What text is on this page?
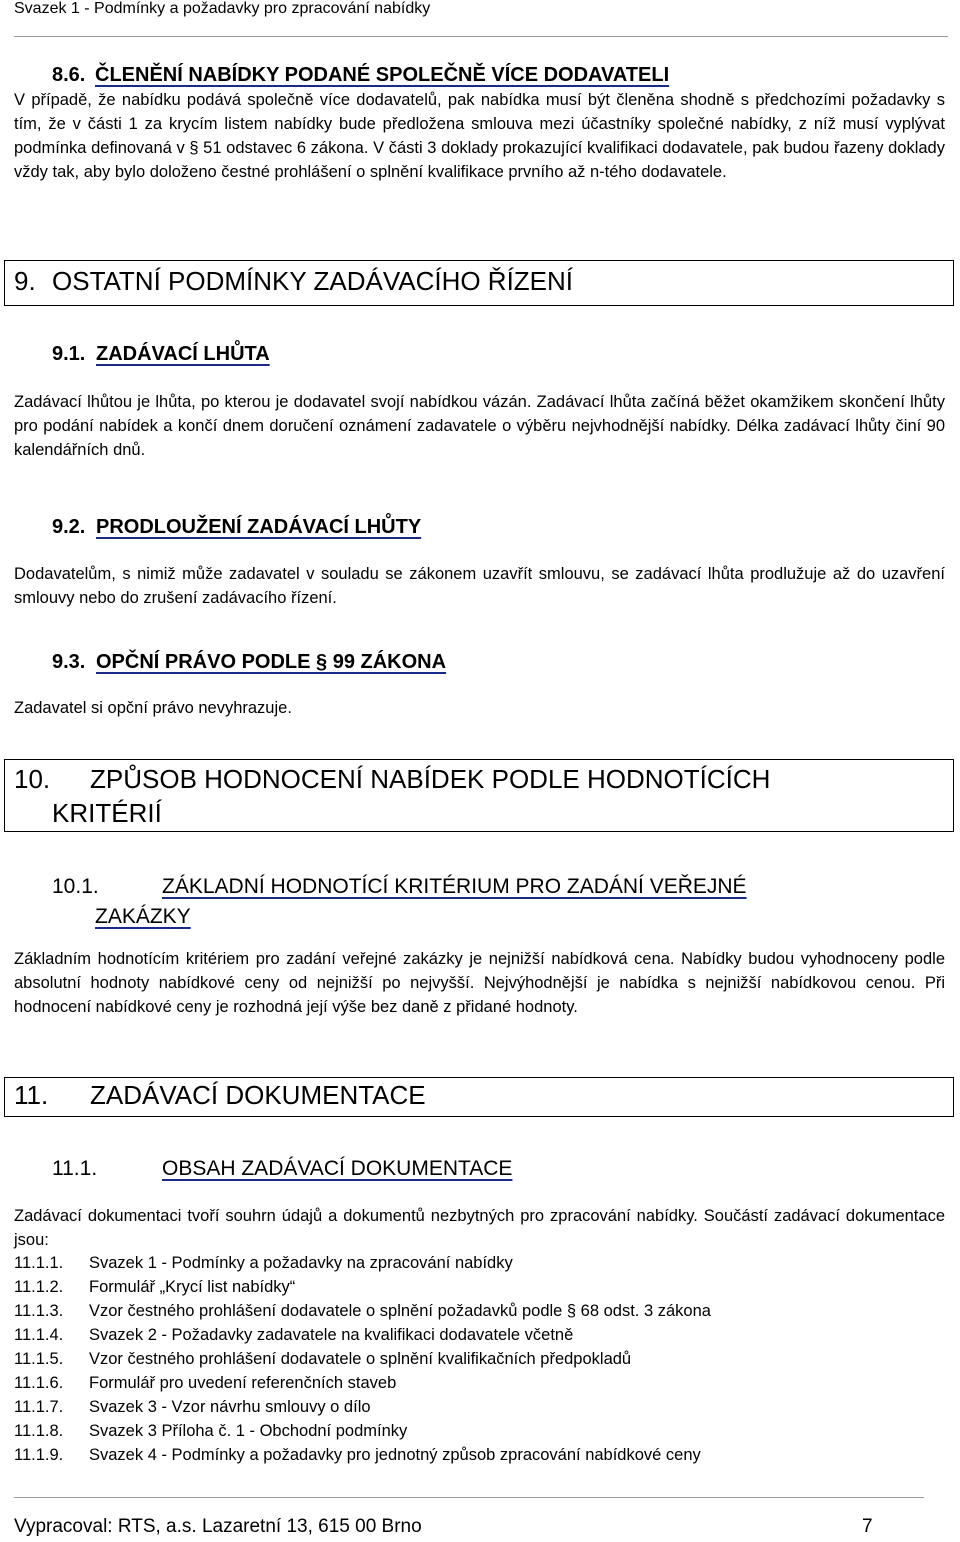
Svazek 1 - Podmínky a požadavky pro zpracování nabídky
8.6. ČLENĚNÍ NABÍDKY PODANÉ SPOLEČNĚ VÍCE DODAVATELI
V případě, že nabídku podává společně více dodavatelů, pak nabídka musí být členěna shodně s předchozími požadavky s tím, že v části 1 za krycím listem nabídky bude předložena smlouva mezi účastníky společné nabídky, z níž musí vyplývat podmínka definovaná v § 51 odstavec 6 zákona. V části 3 doklady prokazující kvalifikaci dodavatele, pak budou řazeny doklady vždy tak, aby bylo doloženo čestné prohlášení o splnění kvalifikace prvního až n-tého dodavatele.
9. OSTATNÍ PODMÍNKY ZADÁVACÍHO ŘÍZENÍ
9.1. ZADÁVACÍ LHŮTA
Zadávací lhůtou je lhůta, po kterou je dodavatel svojí nabídkou vázán. Zadávací lhůta začíná běžet okamžikem skončení lhůty pro podání nabídek a končí dnem doručení oznámení zadavatele o výběru nejvhodnější nabídky. Délka zadávací lhůty činí 90 kalendářních dnů.
9.2. PRODLOUŽENÍ ZADÁVACÍ LHŮTY
Dodavatelům, s nimiž může zadavatel v souladu se zákonem uzavřít smlouvu, se zadávací lhůta prodlužuje až do uzavření smlouvy nebo do zrušení zadávacího řízení.
9.3. OPČNÍ PRÁVO PODLE § 99 ZÁKONA
Zadavatel si opční právo nevyhrazuje.
10. ZPŮSOB HODNOCENÍ NABÍDEK PODLE HODNOTÍCÍCH
KRITÉRIÍ
10.1.	ZÁKLADNÍ HODNOTÍCÍ KRITÉRIUM PRO ZADÁNÍ VEŘEJNÉ
ZAKÁZKY
Základním hodnotícím kritériem pro zadání veřejné zakázky je nejnižší nabídková cena. Nabídky budou vyhodnoceny podle absolutní hodnoty nabídkové ceny od nejnižší po nejvyšší. Nejvýhodnější je nabídka s nejnižší nabídkovou cenou. Při hodnocení nabídkové ceny je rozhodná její výše bez daně z přidané hodnoty.
11. ZADÁVACÍ DOKUMENTACE
11.1.	OBSAH ZADÁVACÍ DOKUMENTACE
Zadávací dokumentaci tvoří souhrn údajů a dokumentů nezbytných pro zpracování nabídky. Součástí zadávací dokumentace jsou:
11.1.1.	Svazek 1 - Podmínky a požadavky na zpracování nabídky
11.1.2.	Formulář „Krycí list nabídky“
11.1.3.	Vzor čestného prohlášení dodavatele o splnění požadavků podle § 68 odst. 3 zákona
11.1.4.	Svazek 2 - Požadavky zadavatele na kvalifikaci dodavatele včetně
11.1.5.	Vzor čestného prohlášení dodavatele o splnění kvalifikačních předpokladů
11.1.6.	Formulář pro uvedení referenčních staveb
11.1.7.	Svazek 3 - Vzor návrhu smlouvy o dílo
11.1.8.	Svazek 3 Příloha č. 1 - Obchodní podmínky
11.1.9.	Svazek 4 - Podmínky a požadavky pro jednotný způsob zpracování nabídkové ceny
Vypracoval: RTS, a.s. Lazaretní 13, 615 00 Brno	7
